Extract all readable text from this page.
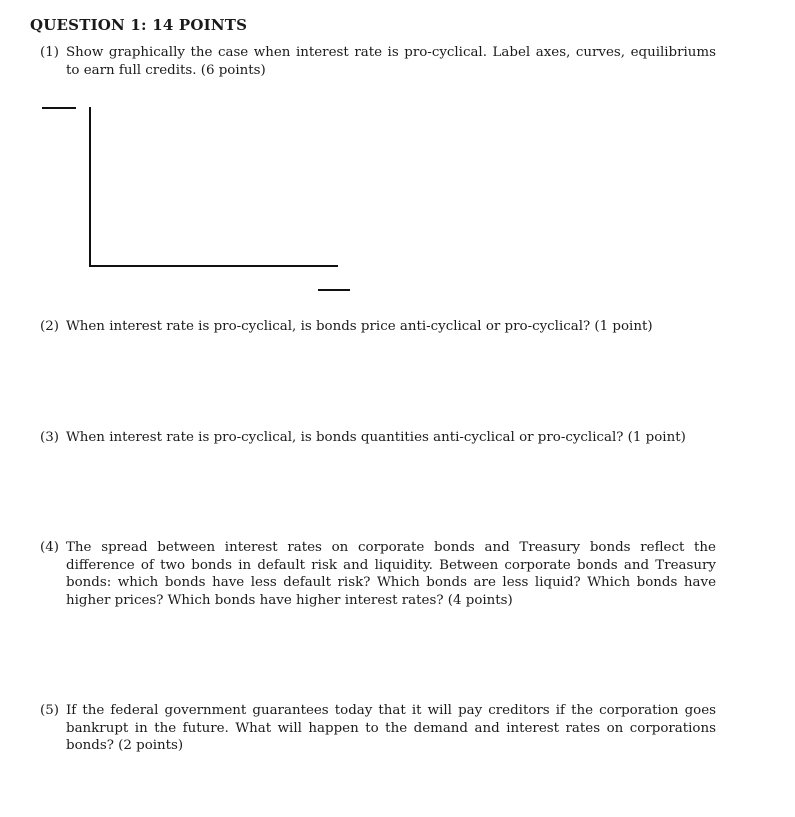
QUESTION 1: 14 POINTS
(1) Show graphically the case when interest rate is pro-cyclical. Label axes, curves, equilibriums to earn full credits. (6 points)
(2) When interest rate is pro-cyclical, is bonds price anti-cyclical or pro-cyclical? (1 point)
(3) When interest rate is pro-cyclical, is bonds quantities anti-cyclical or pro-cyclical? (1 point)
(4) The spread between interest rates on corporate bonds and Treasury bonds reflect the difference of two bonds in default risk and liquidity. Between corporate bonds and Treasury bonds: which bonds have less default risk? Which bonds are less liquid? Which bonds have higher prices? Which bonds have higher interest rates? (4 points)
(5) If the federal government guarantees today that it will pay creditors if the corporation goes bankrupt in the future. What will happen to the demand and interest rates on corporations bonds? (2 points)
